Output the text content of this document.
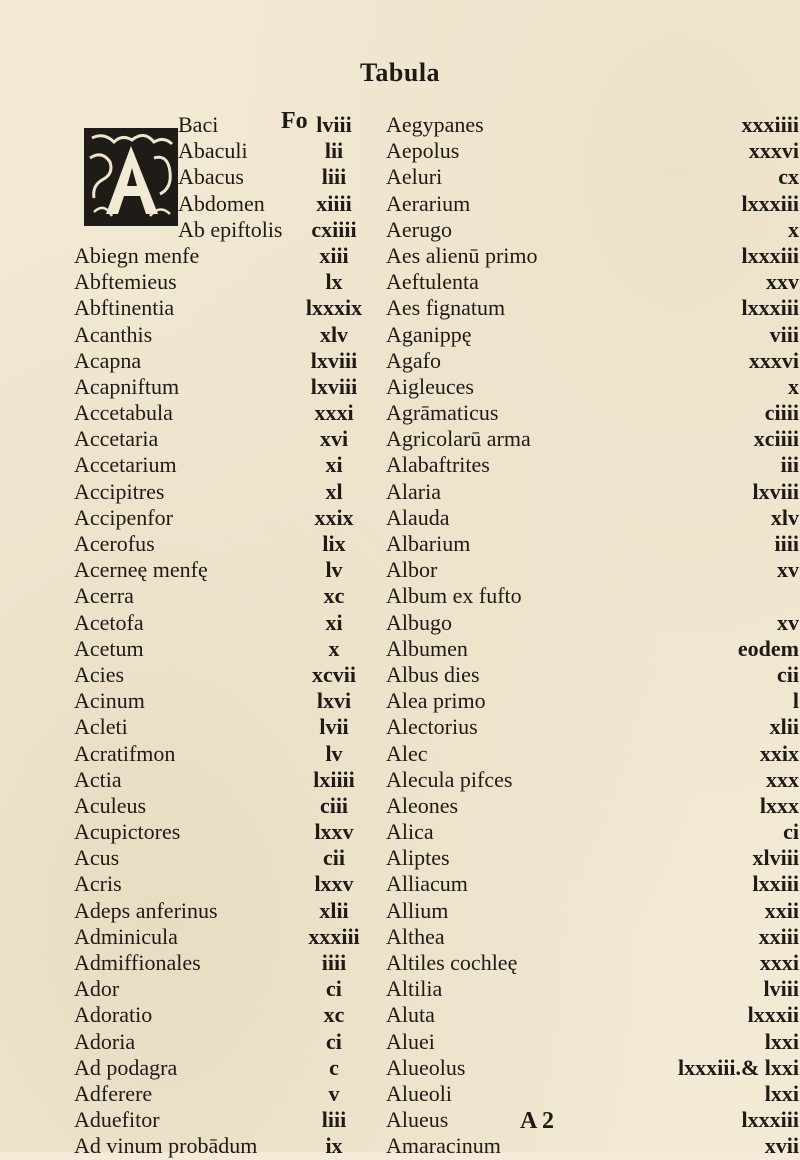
Tabula
Fo
Baci	lviii
Abaculi	lii
Abacus	liii
Abdomen	xiiii
Ab epiftolis	cxiiii
Abiegn menfe	xiii
Abftemieus	lx
Abftinentia	lxxxix
Acanthis	xlv
Acapna	lxviii
Acapniftum	lxviii
Accetabula	xxxi
Accetaria	xvi
Accetarium	xi
Accipitres	xl
Accipenfor	xxix
Acerofus	lix
Acerneę menfę	lv
Acerra	xc
Acetofa	xi
Acetum	x
Acies	xcvii
Acinum	lxvi
Acleti	lvii
Acratifmon	lv
Actia	lxiiii
Aculeus	ciii
Acupictores	lxxv
Acus	cii
Acris	lxxv
Adeps anferinus	xlii
Adminicula	xxxiii
Admiffionales	iiii
Ador	ci
Adoratio	xc
Adoria	ci
Ad podagra	c
Adferere	v
Aduefitor	liii
Ad vinum probādum	ix
Aegypanes	xxxiiii
Aepolus	xxxvi
Aeluri	cx
Aerarium	lxxxiii
Aerugo	x
Aes alienū primo	lxxxiii
Aeftulenta	xxv
Aes fignatum	lxxxiii
Aganippę	viii
Agafo	xxxvi
Aigleuces	x
Agrāmaticus	ciiii
Agricolarū arma	xciiii
Alabaftrites	iii
Alaria	lxviii
Alauda	xlv
Albarium	iiii
Albor	xv
Album ex fufto
Albugo	xv
Albumen	eodem
Albus dies	cii
Alea primo	l
Alectorius	xlii
Alec	xxix
Alecula pifces	xxx
Aleones	lxxx
Alica	ci
Aliptes	xlviii
Alliacum	lxxiii
Allium	xxii
Althea	xxiii
Altiles cochleę	xxxi
Altilia	lviii
Aluta	lxxxii
Aluei	lxxi
Alueolus	lxxxiii.& lxxi
Alueoli	lxxi
Alueus	lxxxiii
Amaracinum	xvii
A 2
